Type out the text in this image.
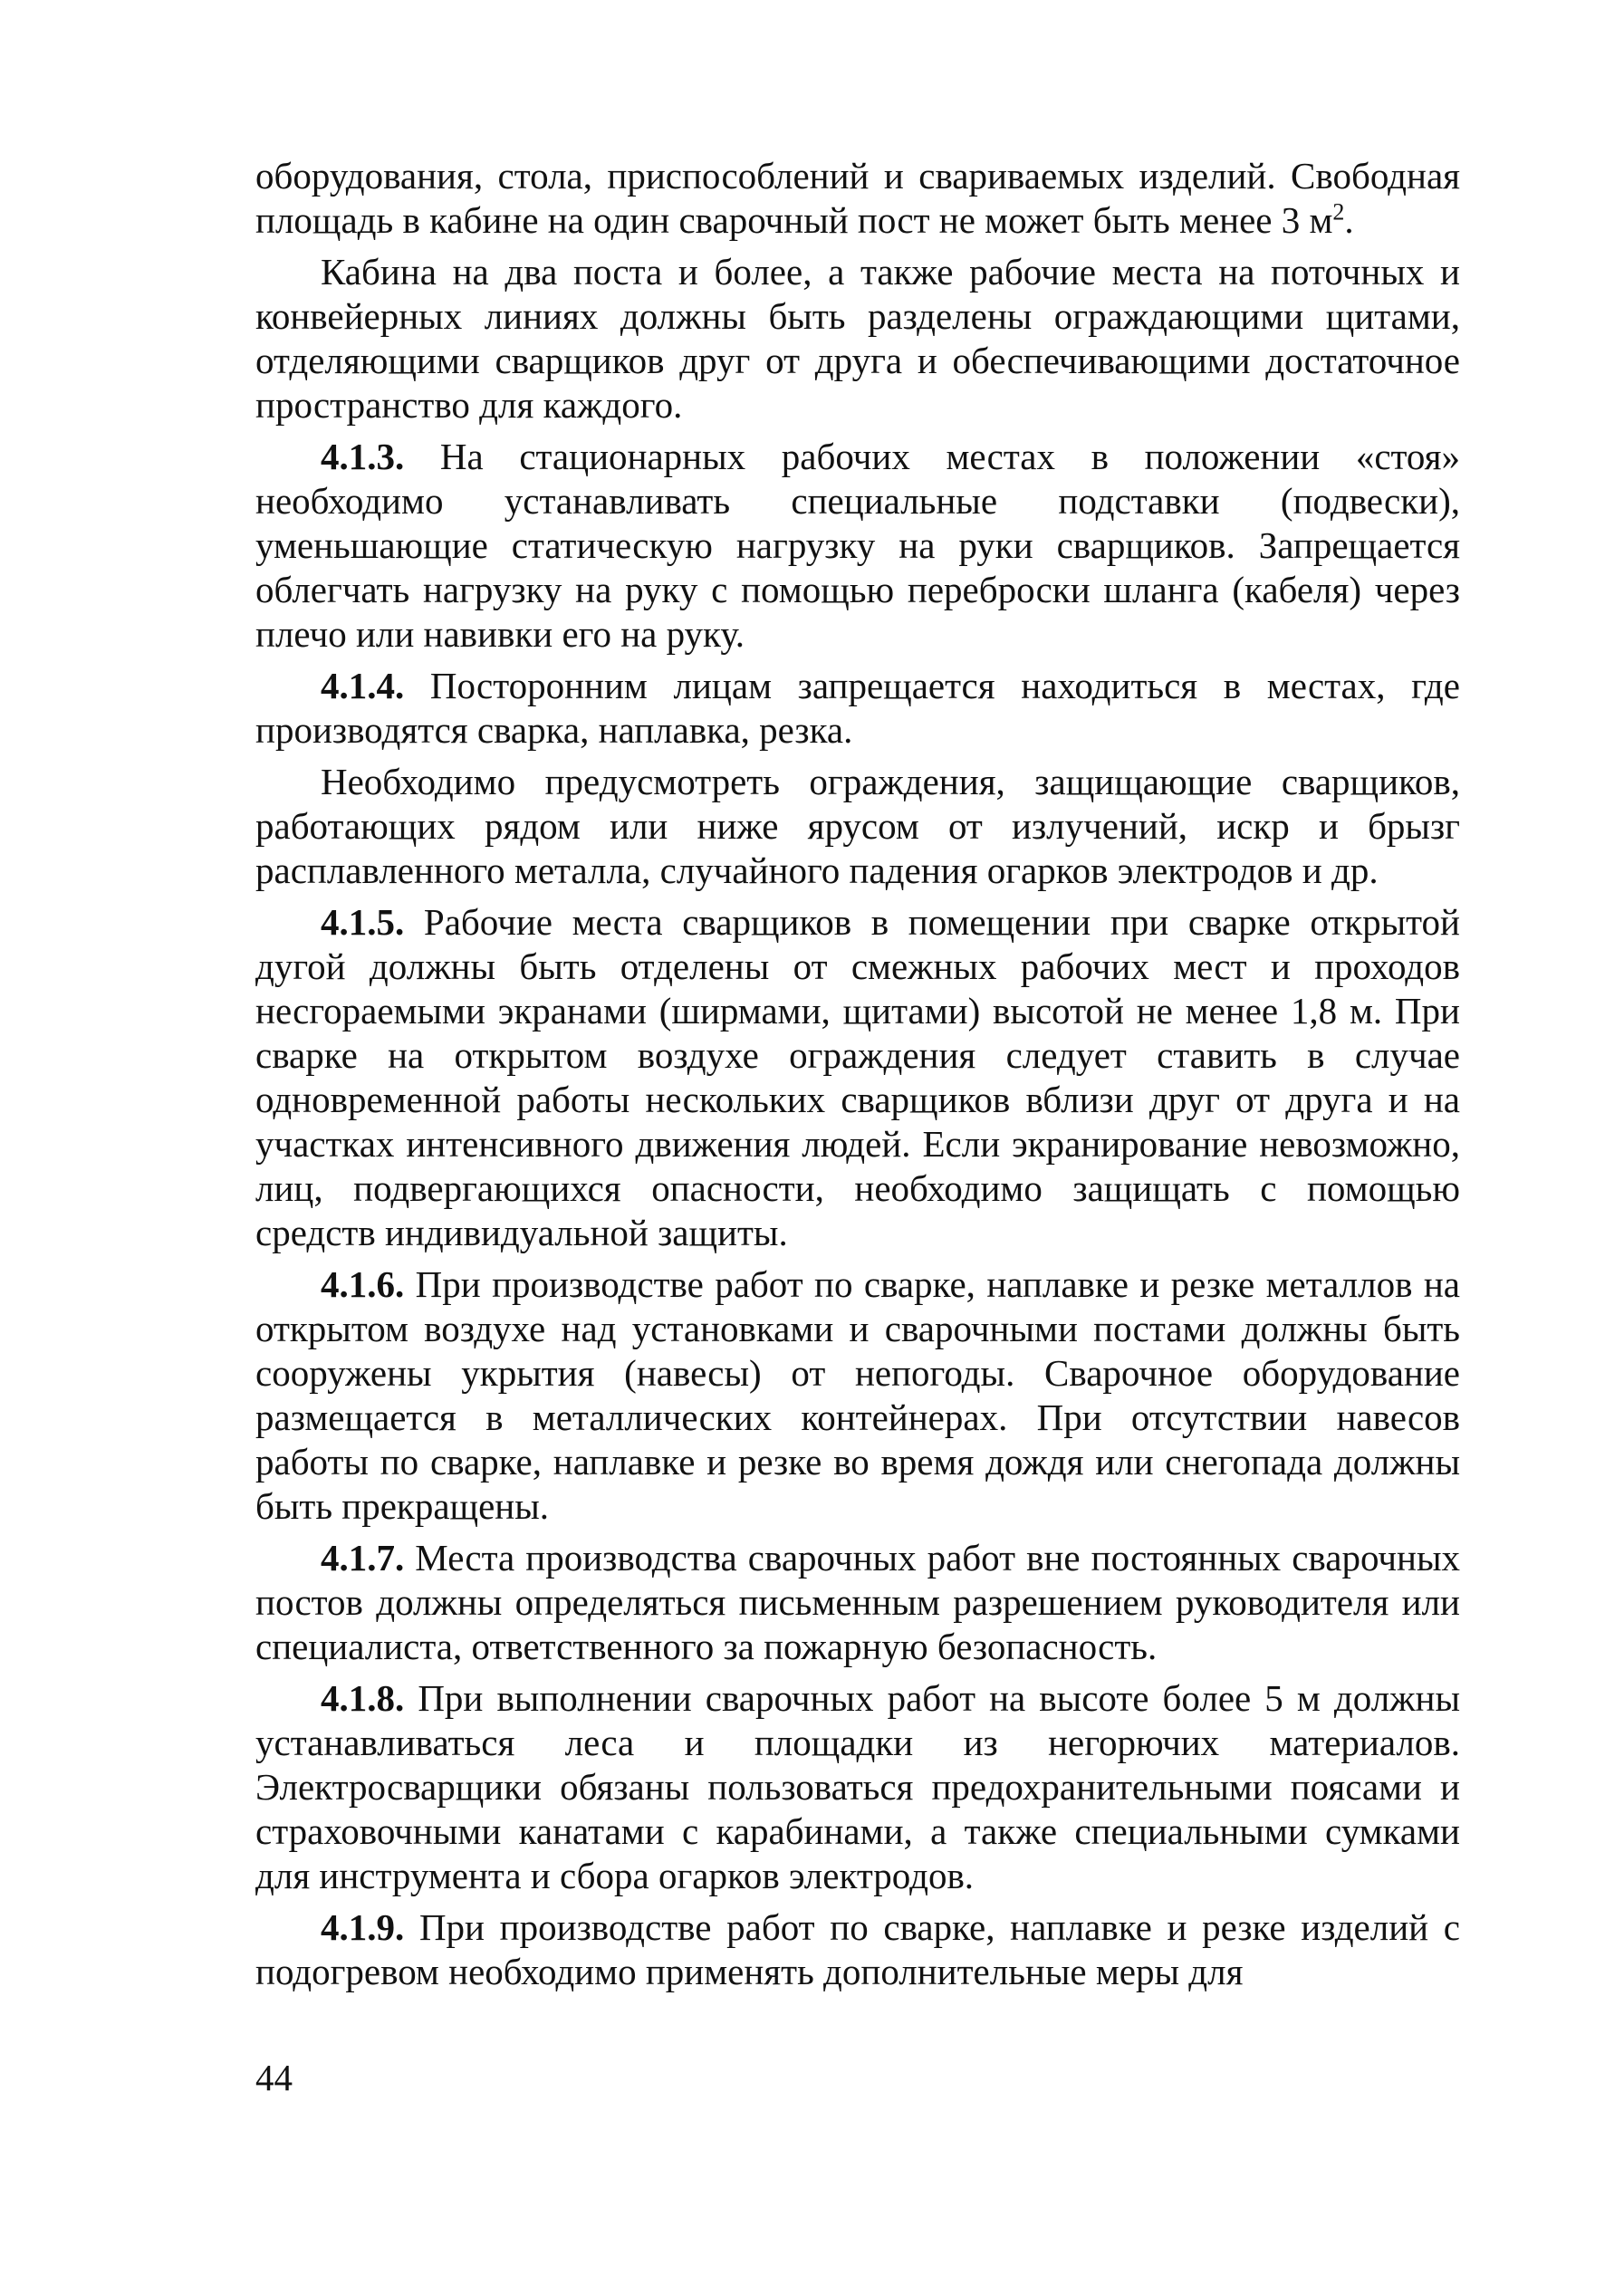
оборудования, стола, приспособлений и свариваемых изделий. Свободная площадь в кабине на один сварочный пост не может быть менее 3 $м^2$.

Кабина на два поста и более, а также рабочие места на поточных и конвейерных линиях должны быть разделены ограждающими щитами, отделяющими сварщиков друг от друга и обеспечивающими достаточное пространство для каждого.

4.1.3. На стационарных рабочих местах в положении «стоя» необходимо устанавливать специальные подставки (подвески), уменьшающие статическую нагрузку на руки сварщиков. Запрещается облегчать нагрузку на руку с помощью переброски шланга (кабеля) через плечо или навивки его на руку.

4.1.4. Посторонним лицам запрещается находиться в местах, где производятся сварка, наплавка, резка.

Необходимо предусмотреть ограждения, защищающие сварщиков, работающих рядом или ниже ярусом от излучений, искр и брызг расплавленного металла, случайного падения огарков электродов и др.

4.1.5. Рабочие места сварщиков в помещении при сварке открытой дугой должны быть отделены от смежных рабочих мест и проходов несгораемыми экранами (ширмами, щитами) высотой не менее 1,8 м. При сварке на открытом воздухе ограждения следует ставить в случае одновременной работы нескольких сварщиков вблизи друг от друга и на участках интенсивного движения людей. Если экранирование невозможно, лиц, подвергающихся опасности, необходимо защищать с помощью средств индивидуальной защиты.

4.1.6. При производстве работ по сварке, наплавке и резке металлов на открытом воздухе над установками и сварочными постами должны быть сооружены укрытия (навесы) от непогоды. Сварочное оборудование размещается в металлических контейнерах. При отсутствии навесов работы по сварке, наплавке и резке во время дождя или снегопада должны быть прекращены.

4.1.7. Места производства сварочных работ вне постоянных сварочных постов должны определяться письменным разрешением руководителя или специалиста, ответственного за пожарную безопасность.

4.1.8. При выполнении сварочных работ на высоте более 5 м должны устанавливаться леса и площадки из негорючих материалов. Электросварщики обязаны пользоваться предохранительными поясами и страховочными канатами с карабинами, а также специальными сумками для инструмента и сбора огарков электродов.

4.1.9. При производстве работ по сварке, наплавке и резке изделий с подогревом необходимо применять дополнительные меры для

44
